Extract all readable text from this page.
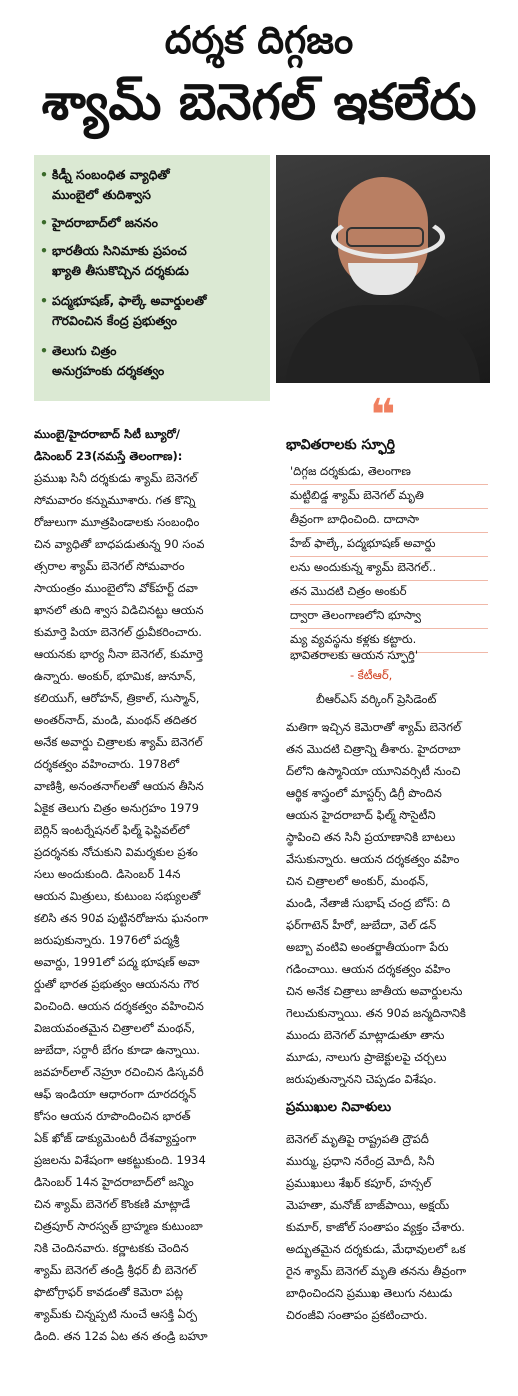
దర్శక దిగ్గజం
శ్యామ్ బెనెగల్ ఇకలేరు
• కిడ్నీ సంబంధిత వ్యాధితో
ముంబైలో తుదిశ్వాస
• హైదరాబాద్‌లో జననం
• భారతీయ సినిమాకు ప్రపంచ
ఖ్యాతి తీసుకొచ్చిన దర్శకుడు
• పద్మభూషణ్, ఫాల్కే అవార్డులతో
గౌరవించిన కేంద్ర ప్రభుత్వం
• తెలుగు చిత్రం
అనుగ్రహంకు దర్శకత్వం
❝
భావితరాలకు స్ఫూర్తి
'దిగ్గజ దర్శకుడు, తెలంగాణ
మట్టిబిడ్డ శ్యామ్ బెనెగల్ మృతి
తీవ్రంగా బాధించింది. దాదాసా
హేబ్ ఫాల్కే, పద్మభూషణ్ అవార్డు
లను అందుకున్న శ్యామ్ బెనెగల్..
తన మొదటి చిత్రం అంకుర్
ద్వారా తెలంగాణలోని భూస్వా
మ్య వ్యవస్థను కళ్లకు కట్టారు.
భావితరాలకు ఆయన స్ఫూర్తి'
- కేటీఆర్,
బీఆర్ఎస్ వర్కింగ్ ప్రెసిడెంట్
ముంబై/హైదరాబాద్ సిటీ బ్యూరో/
డిసెంబర్ 23(నమస్తే తెలంగాణ):
ప్రముఖ సినీ దర్శకుడు శ్యామ్ బెనెగల్
సోమవారం కన్నుమూశారు. గత కొన్ని
రోజులుగా మూత్రపిండాలకు సంబంధిం
చిన వ్యాధితో బాధపడుతున్న 90 సంవ
త్సరాల శ్యామ్ బెనెగల్ సోమవారం
సాయంత్రం ముంబైలోని వోక్‌హర్ట్ దవా
ఖానలో తుది శ్వాస విడిచినట్టు ఆయన
కుమార్తె పియా బెనెగల్ ధ్రువీకరించారు.
ఆయనకు భార్య నీనా బెనెగల్, కుమార్తె
ఉన్నారు. అంకుర్, భూమిక, జునూన్,
కలియుగ్, ఆరోహన్, త్రికాల్, సుస్మాన్,
అంతర్‌నాద్, మండి, మంథన్ తదితర
అనేక అవార్డు చిత్రాలకు శ్యామ్ బెనెగల్
దర్శకత్వం వహించారు. 1978లో
వాణిశ్రీ, అనంతనాగ్‌లతో ఆయన తీసిన
ఏకైక తెలుగు చిత్రం అనుగ్రహం 1979
బెర్లిన్ ఇంటర్నేషనల్ ఫిల్మ్ ఫెస్టివల్‌లో
ప్రదర్శనకు నోచుకుని విమర్శకుల ప్రశం
సలు అందుకుంది. డిసెంబర్ 14న
ఆయన మిత్రులు, కుటుంబ సభ్యులతో
కలిసి తన 90వ పుట్టినరోజును ఘనంగా
జరుపుకున్నారు. 1976లో పద్మశ్రీ
అవార్డు, 1991లో పద్మ భూషణ్ అవా
ర్డుతో భారత ప్రభుత్వం ఆయనను గౌర
వించింది. ఆయన దర్శకత్వం వహించిన
విజయవంతమైన చిత్రాలలో మంథన్,
జుబేదా, సర్దారీ బేగం కూడా ఉన్నాయి.
జవహర్‌లాల్ నెహ్రూ రచించిన డిస్కవరీ
ఆఫ్ ఇండియా ఆధారంగా దూరదర్శన్
కోసం ఆయన రూపొందించిన భారత్
ఏక్ ఖోజ్ డాక్యుమెంటరీ దేశవ్యాప్తంగా
ప్రజలను విశేషంగా ఆకట్టుకుంది. 1934
డిసెంబర్ 14న హైదరాబాద్‌లో జన్మిం
చిన శ్యామ్ బెనెగల్ కొంకణి మాట్లాడే
చిత్రపూర్ సారస్వత్ బ్రాహ్మణ కుటుంబా
నికి చెందినవారు. కర్ణాటకకు చెందిన
శ్యామ్ బెనెగల్ తండ్రి శ్రీధర్ బీ బెనెగల్
ఫొటోగ్రాఫర్ కావడంతో కెమెరా పట్ల
శ్యామ్‌కు చిన్నప్పటి నుంచే ఆసక్తి ఏర్ప
డింది. తన 12వ ఏట తన తండ్రి బహూ
మతిగా ఇచ్చిన కెమెరాతో శ్యామ్ బెనెగల్
తన మొదటి చిత్రాన్ని తీశారు. హైదరాబా
ద్‌లోని ఉస్మానియా యూనివర్సిటీ నుంచి
ఆర్థిక శాస్త్రంలో మాస్టర్స్ డిగ్రీ పొందిన
ఆయన హైదరాబాద్ ఫిల్మ్ సొసైటీని
స్థాపించి తన సినీ ప్రయాణానికి బాటలు
వేసుకున్నారు. ఆయన దర్శకత్వం వహిం
చిన చిత్రాలలో అంకుర్, మంథన్,
మండి, నేతాజీ సుభాష్ చంద్ర బోస్: ది
ఫర్‌గాటెన్ హీరో, జుబేదా, వెల్ డన్
అబ్బా వంటివి అంతర్జాతీయంగా పేరు
గడించాయి. ఆయన దర్శకత్వం వహిం
చిన అనేక చిత్రాలు జాతీయ అవార్డులను
గెలుచుకున్నాయి. తన 90వ జన్మదినానికి
ముందు బెనెగల్ మాట్లాడుతూ తాను
మూడు, నాలుగు ప్రాజెక్టులపై చర్చలు
జరుపుతున్నానని చెప్పడం విశేషం.
ప్రముఖుల నివాళులు
బెనెగల్ మృతిపై రాష్ట్రపతి ద్రౌపదీ
ముర్ము, ప్రధాని నరేంద్ర మోదీ, సినీ
ప్రముఖులు శేఖర్ కపూర్, హన్సల్
మెహతా, మనోజ్ బాజ్‌పాయి, అక్షయ్
కుమార్, కాజోల్ సంతాపం వ్యక్తం చేశారు.
అద్భుతమైన దర్శకుడు, మేధావులలో ఒక
రైన శ్యామ్ బెనెగల్ మృతి తనను తీవ్రంగా
బాధించిందని ప్రముఖ తెలుగు నటుడు
చిరంజీవి సంతాపం ప్రకటించారు.
